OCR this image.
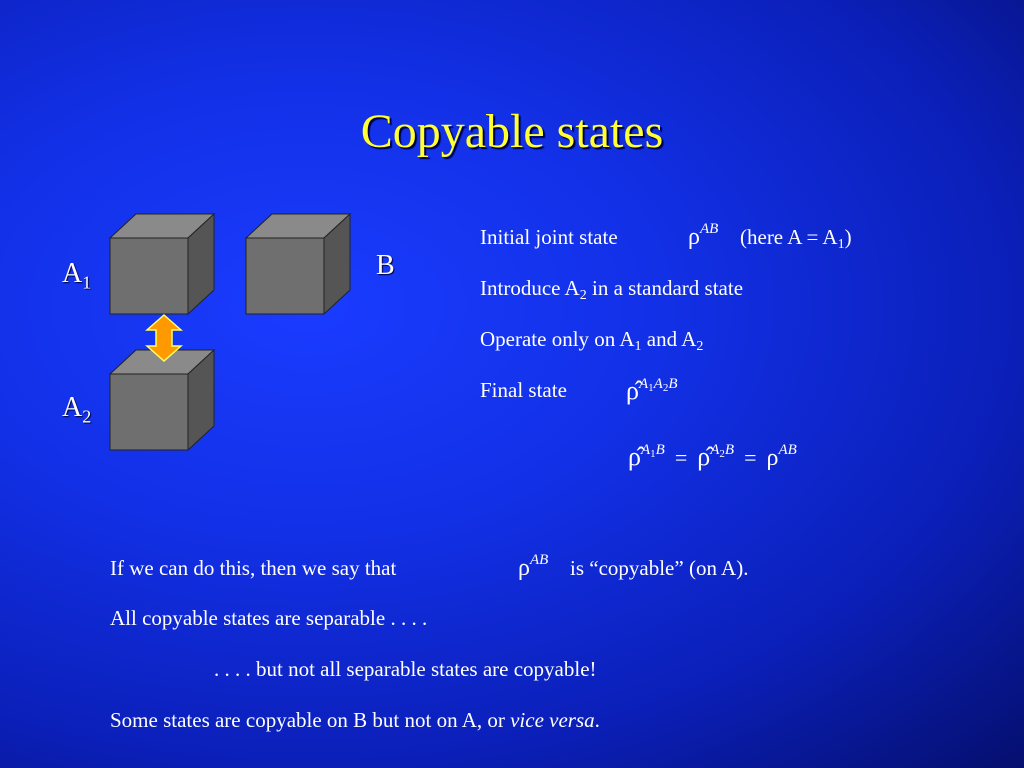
Copyable states
$A_1$
B
$A_2$
Initial joint state	ρAB (here $A = A_1$)
Introduce $A_2$ in a standard state
Operate only on $A_1$ and $A_2$
Final state $\rhôA_1A_2B$
$\rhôA_1B$ = $\rhôA_2B = \rho AB$
If we can do this, then we say that	ρAB is “copyable” (on A).
All copyable states are separable . . . .
. . . . but not all separable states are copyable!
Some states are copyable on B but not on A, or vice versa.
